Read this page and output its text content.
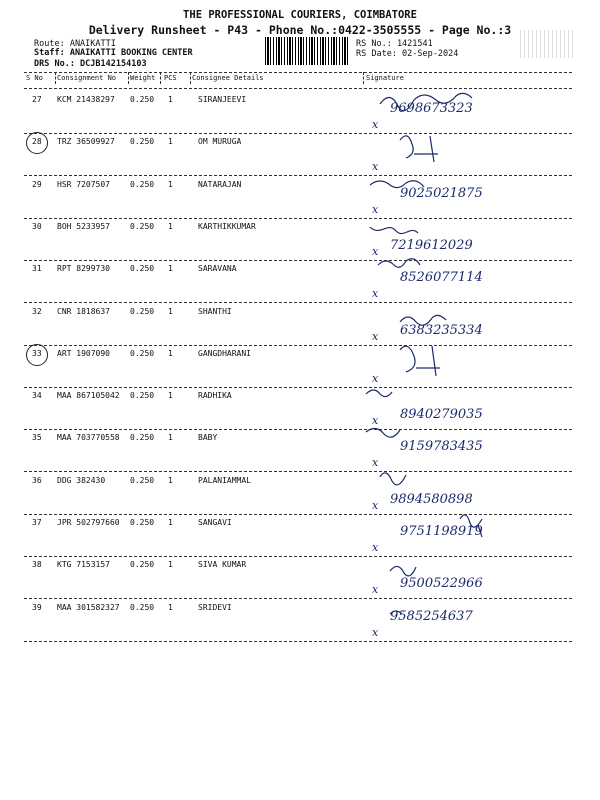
THE PROFESSIONAL COURIERS, COIMBATORE
Delivery Runsheet - P43 - Phone No.:0422-3505555 - Page No.:3
Route: ANAIKATTI
Staff: ANAIKATTI BOOKING CENTER
DRS No.: DCJB142154103
RS No.: 1421541
RS Date: 02-Sep-2024
S No Consignment No Weight PCS Consignee Details	Signature
27 KCM 21438297 0.250 1	SIRANJEEVI
x
9698673323
28 TRZ 36509927 0.250 1	OM MURUGA
x
29 HSR 7207507	0.250 1	NATARAJAN
x
9025021875
30 BOH 5233957	0.250 1	KARTHIKKUMAR
x 7219612029
31 RPT 8299730	0.250 1	SARAVANA
x
8526077114
32 CNR 1818637	0.250 1	SHANTHI
x 6383235334
33 ART 1907090	0.250 1	GANGDHARANI
x
34 MAA 867105042 0.250 1	RADHIKA
x 8940279035
35 MAA 703770558 0.250 1	BABY
x
9159783435
36 DDG 382430	0.250 1	PALANIAMMAL
x 9894580898
37 JPR 502797660 0.250 1	SANGAVI
x
9751198919
38 KTG 7153157	0.250 1	SIVA KUMAR
x 9500522966
39 MAA 301582327 0.250 1	SRIDEVI
x
9585254637
